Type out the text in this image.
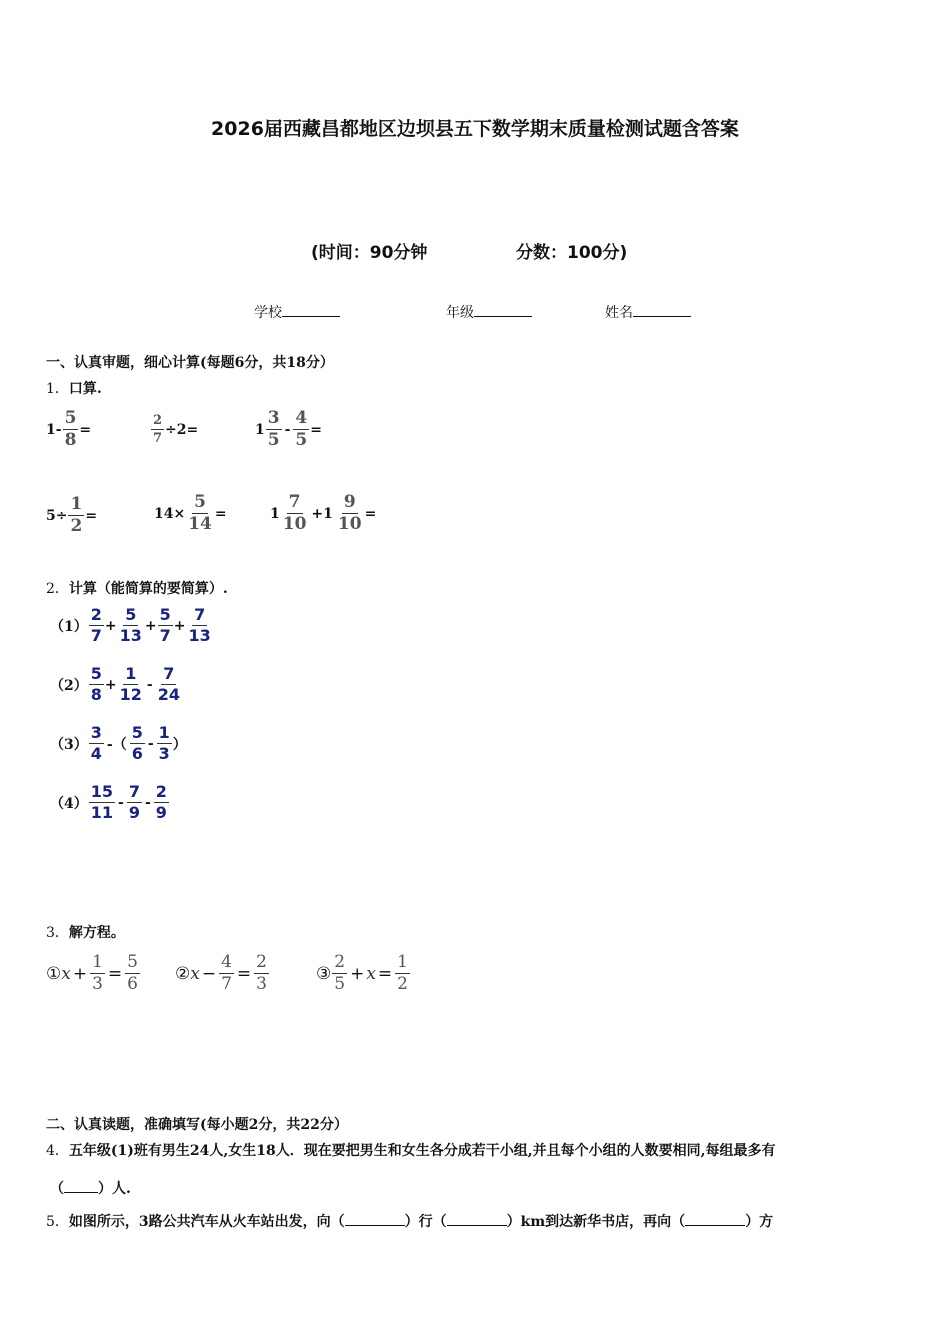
2026届西藏昌都地区边坝县五下数学期末质量检测试题含答案
(时间：90分钟	分数：100分)
学校	年级	姓名
一、认真审题，细心计算(每题6分，共18分）
1．口算.
$1- \frac{5}{8}$ =	$\frac{2}{7} \div 2=$	1
3
5
- $\frac{4}{5}$ =
$5\div \frac{1}{2}$ =	$14\times \frac{5}{14}$ =	1
7
10
$+1 \frac{9}{10}$ =
2．计算（能简算的要简算）.
（1）
2
7
+ $\frac{5}{13} + \frac{5}{7} + \frac{7}{13}$
（2）
5
8
+ $\frac{1}{12}$ -
7
24
（3）
3
4 -（
5
6
-
1
3 ）
（4）
15
11
-
7
9
-
2
9
3．解方程。
① $x + \frac{1}{3} = \frac{5}{6}$ ② $x - \frac{4}{7} = \frac{2}{3}$	③
2
5
+ $x = \frac{1}{2}$
二、认真读题，准确填写(每小题2分，共22分）
4．五年级(1)班有男生24人,女生18人．现在要把男生和女生各分成若干小组,并且每个小组的人数要相同,每组最多有
（ ）人.
5．如图所示，3路公共汽车从火车站出发，向（	）行（	）km到达新华书店，再向（	）方
